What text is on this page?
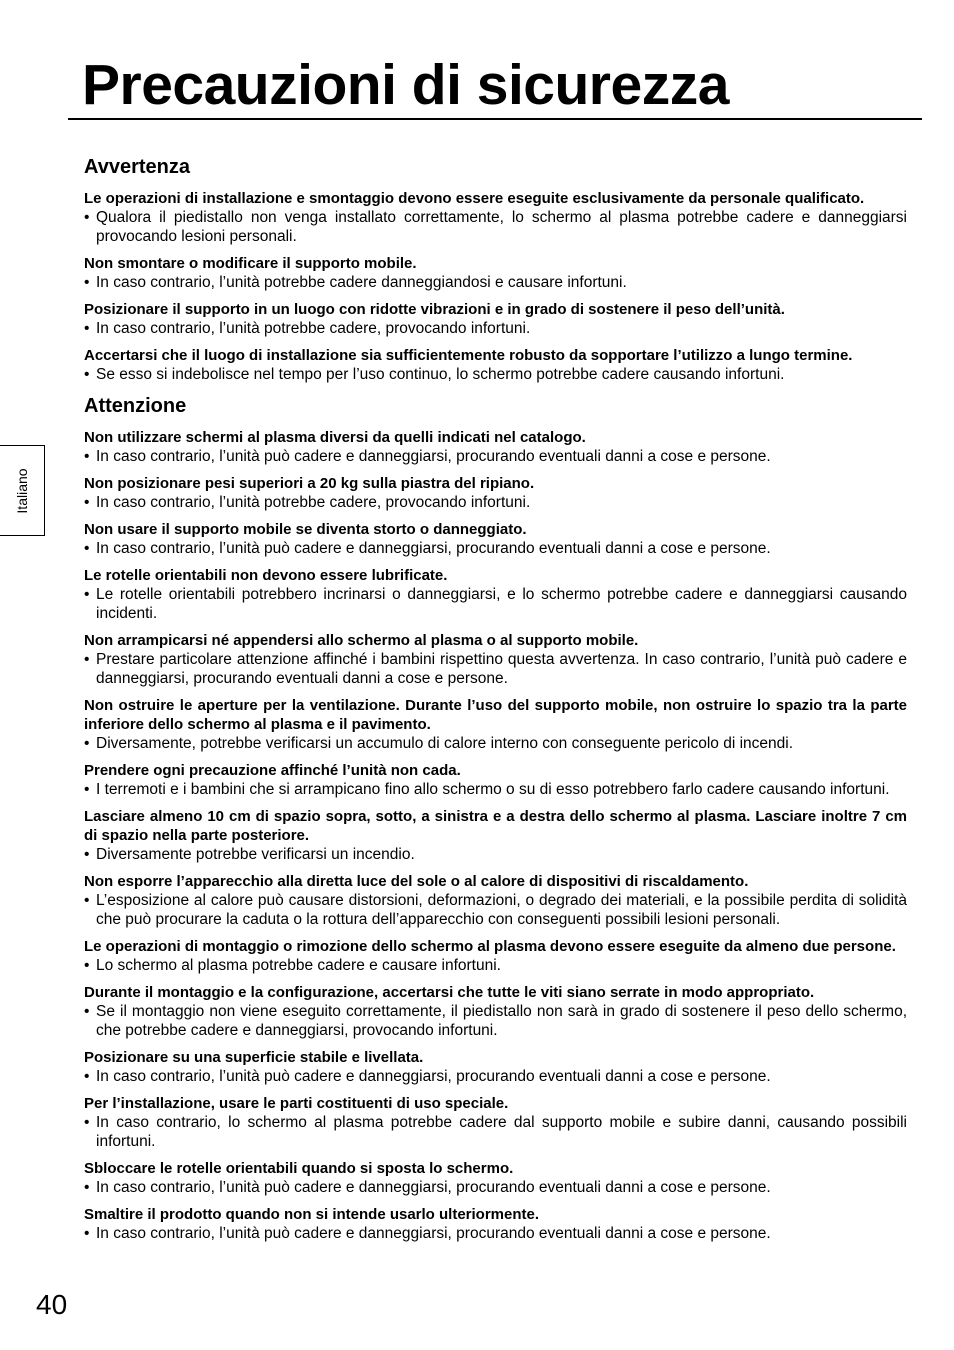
Precauzioni di sicurezza
Italiano
Avvertenza
Le operazioni di installazione e smontaggio devono essere eseguite esclusivamente da personale qualificato.
• Qualora il piedistallo non venga installato correttamente, lo schermo al plasma potrebbe cadere e danneggiarsi provocando lesioni personali.
Non smontare o modificare il supporto mobile.
• In caso contrario, l’unità potrebbe cadere danneggiandosi e causare infortuni.
Posizionare il supporto in un luogo con ridotte vibrazioni e in grado di sostenere il peso dell’unità.
• In caso contrario, l’unità potrebbe cadere, provocando infortuni.
Accertarsi che il luogo di installazione sia sufficientemente robusto da sopportare l’utilizzo a lungo termine.
• Se esso si indebolisce nel tempo per l’uso continuo, lo schermo potrebbe cadere causando infortuni.
Attenzione
Non utilizzare schermi al plasma diversi da quelli indicati nel catalogo.
• In caso contrario, l’unità può cadere e danneggiarsi, procurando eventuali danni a cose e persone.
Non posizionare pesi superiori a 20 kg sulla piastra del ripiano.
• In caso contrario, l’unità potrebbe cadere, provocando infortuni.
Non usare il supporto mobile se diventa storto o danneggiato.
• In caso contrario, l’unità può cadere e danneggiarsi, procurando eventuali danni a cose e persone.
Le rotelle orientabili non devono essere lubrificate.
• Le rotelle orientabili potrebbero incrinarsi o danneggiarsi, e lo schermo potrebbe cadere e danneggiarsi causando incidenti.
Non arrampicarsi né appendersi allo schermo al plasma o al supporto mobile.
• Prestare particolare attenzione affinché i bambini rispettino questa avvertenza. In caso contrario, l’unità può cadere e danneggiarsi, procurando eventuali danni a cose e persone.
Non ostruire le aperture per la ventilazione. Durante l’uso del supporto mobile, non ostruire lo spazio tra la parte inferiore dello schermo al plasma e il pavimento.
• Diversamente, potrebbe verificarsi un accumulo di calore interno con conseguente pericolo di incendi.
Prendere ogni precauzione affinché l’unità non cada.
• I terremoti e i bambini che si arrampicano fino allo schermo o su di esso potrebbero farlo cadere causando infortuni.
Lasciare almeno 10 cm di spazio sopra, sotto, a sinistra e a destra dello schermo al plasma. Lasciare inoltre 7 cm di spazio nella parte posteriore.
• Diversamente potrebbe verificarsi un incendio.
Non esporre l’apparecchio alla diretta luce del sole o al calore di dispositivi di riscaldamento.
• L’esposizione al calore può causare distorsioni, deformazioni, o degrado dei materiali, e la possibile perdita di solidità che può procurare la caduta o la rottura dell’apparecchio con conseguenti possibili lesioni personali.
Le operazioni di montaggio o rimozione dello schermo al plasma devono essere eseguite da almeno due persone.
• Lo schermo al plasma potrebbe cadere e causare infortuni.
Durante il montaggio e la configurazione, accertarsi che tutte le viti siano serrate in modo appropriato.
• Se il montaggio non viene eseguito correttamente, il piedistallo non sarà in grado di sostenere il peso dello schermo, che potrebbe cadere e danneggiarsi, provocando infortuni.
Posizionare su una superficie stabile e livellata.
• In caso contrario, l’unità può cadere e danneggiarsi, procurando eventuali danni a cose e persone.
Per l’installazione, usare le parti costituenti di uso speciale.
• In caso contrario, lo schermo al plasma potrebbe cadere dal supporto mobile e subire danni, causando possibili infortuni.
Sbloccare le rotelle orientabili quando si sposta lo schermo.
• In caso contrario, l’unità può cadere e danneggiarsi, procurando eventuali danni a cose e persone.
Smaltire il prodotto quando non si intende usarlo ulteriormente.
• In caso contrario, l’unità può cadere e danneggiarsi, procurando eventuali danni a cose e persone.
40
